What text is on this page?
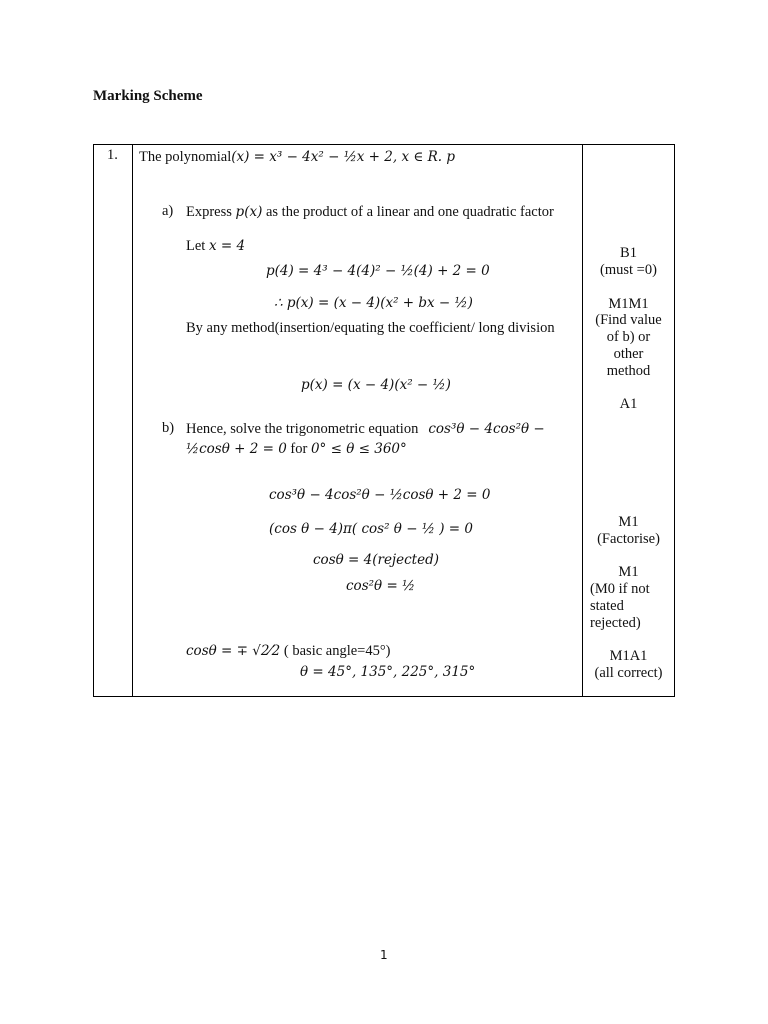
Marking Scheme
1. The polynomial(x) = x³ − 4x² − ½x + 2, x ∈ R. p
a) Express p(x) as the product of a linear and one quadratic factor
Let x = 4
p(4) = 4³ − 4(4)² − ½(4) + 2 = 0
∴ p(x) = (x − 4)(x² + bx − ½)
By any method(insertion/equating the coefficient/ long division
p(x) = (x − 4)(x² − ½)
b) Hence, solve the trigonometric equation cos³θ − 4cos²θ −
½cosθ + 2 = 0 for 0° ≤ θ ≤ 360°
cos³θ − 4cos²θ − ½cosθ + 2 = 0
(cos θ − 4)π( cos² θ − ½ ) = 0
cosθ = 4(rejected)
cos²θ = ½
cosθ = ∓ √2⁄2 ( basic angle=45°)
θ = 45°, 135°, 225°, 315°
B1
(must =0)
M1M1
(Find value
of b) or
other
method
A1
M1
(Factorise)
M1
(M0 if not
stated
rejected)
M1A1
(all correct)
1
